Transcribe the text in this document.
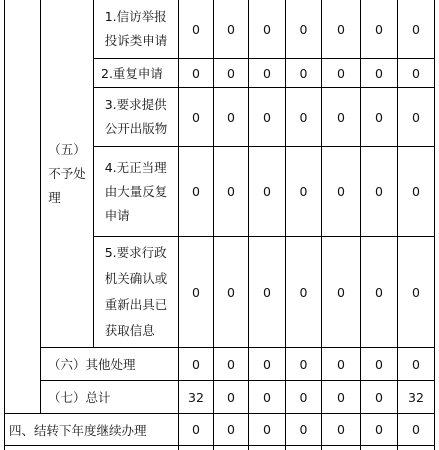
（五）
不予处
理
1.信访举报
投诉类申请
0	0	0	0	0	0	0
2.重复申请	0	0	0	0	0	0	0
3.要求提供
公开出版物
0	0	0	0	0	0	0
4.无正当理
由大量反复
申请
0	0	0	0	0	0	0
5.要求行政
机关确认或
重新出具已
获取信息
0	0	0	0	0	0	0
（六）其他处理	0	0	0	0	0	0	0
（七）总计	32	0	0	0	0	0	32
四、结转下年度继续办理	0	0	0	0	0	0	0
